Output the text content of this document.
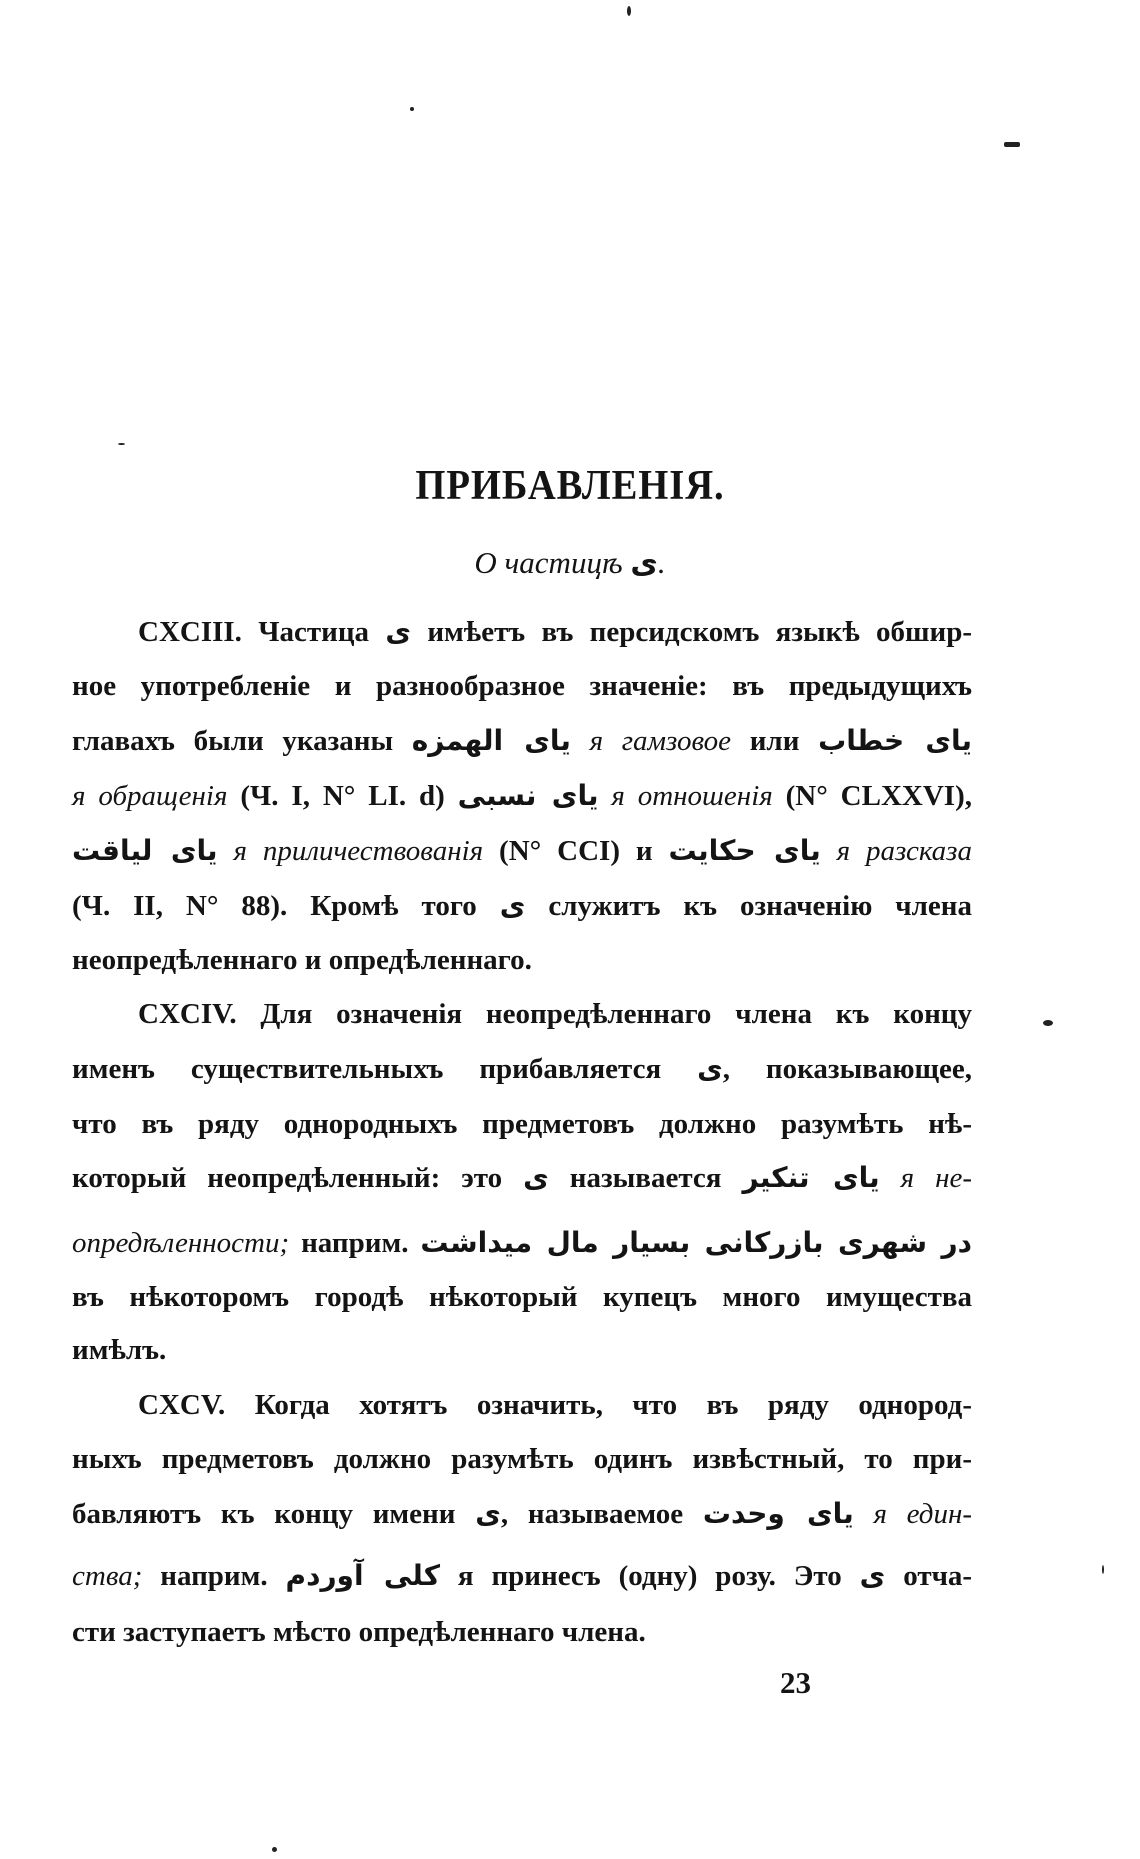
ПРИБАВЛЕНІЯ.
О частицѣ ى.
CXCIII. Частица ى имѣетъ въ персидскомъ языкѣ обшир-
ное употребленіе и разнообразное значеніе: въ предыдущихъ
главахъ были указаны ياى الهمزه я гамзовое или ياى خطاب
я обращенія (Ч. I, N° LI. d) ياى نسبى я отношенія (N° CLXXVI),
ياى لياقت я приличествованія (N° CCI) и ياى حكايت я разсказа
(Ч. II, N° 88). Кромѣ того ى служитъ къ означенію члена
неопредѣленнаго и опредѣленнаго.
CXCIV. Для означенія неопредѣленнаго члена къ концу
именъ существительныхъ прибавляется ى, показывающее,
что въ ряду однородныхъ предметовъ должно разумѣть нѣ-
который неопредѣленный: это ى называется ياى تنكير я не-
опредѣленности; наприм. در شهرى بازركانى بسيار مال ميداشت
въ нѣкоторомъ городѣ нѣкоторый купецъ много имущества
имѣлъ.
CXCV. Когда хотятъ означить, что въ ряду однород-
ныхъ предметовъ должно разумѣть одинъ извѣстный, то при-
бавляютъ къ концу имени ى, называемое ياى وحدت я един-
ства; наприм. كلى آوردم я принесъ (одну) розу. Это ى отча-
сти заступаетъ мѣсто опредѣленнаго члена.
23
